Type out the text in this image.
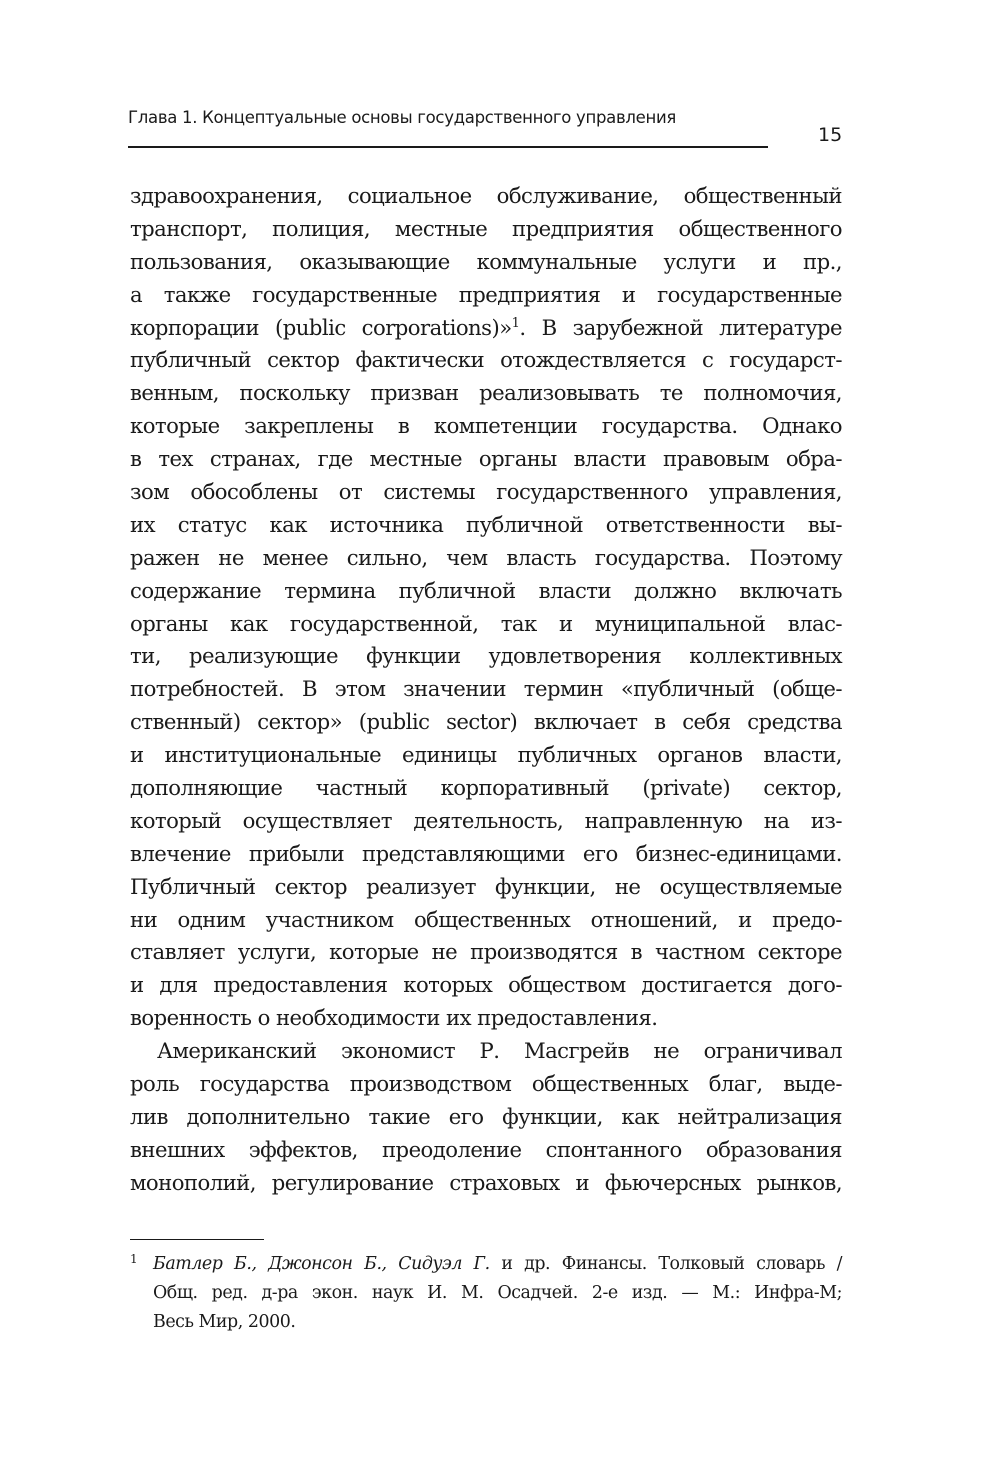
Глава 1. Концептуальные основы государственного управления
15
здравоохранения, социальное обслуживание, общественный
транспорт, полиция, местные предприятия общественного
пользования, оказывающие коммунальные услуги и пр.,
а также государственные предприятия и государственные
корпорации (public corporations)»$^1$. В зарубежной литературе
публичный сектор фактически отождествляется с государст-
венным, поскольку призван реализовывать те полномочия,
которые закреплены в компетенции государства. Однако
в тех странах, где местные органы власти правовым обра-
зом обособлены от системы государственного управления,
их статус как источника публичной ответственности вы-
ражен не менее сильно, чем власть государства. Поэтому
содержание термина публичной власти должно включать
органы как государственной, так и муниципальной влас-
ти, реализующие функции удовлетворения коллективных
потребностей. В этом значении термин «публичный (обще-
ственный) сектор» (public sector) включает в себя средства
и институциональные единицы публичных органов власти,
дополняющие частный корпоративный (private) сектор,
который осуществляет деятельность, направленную на из-
влечение прибыли представляющими его бизнес-единицами.
Публичный сектор реализует функции, не осуществляемые
ни одним участником общественных отношений, и предо-
ставляет услуги, которые не производятся в частном секторе
и для предоставления которых обществом достигается дого-
воренность о необходимости их предоставления.
Американский экономист Р. Масгрейв не ограничивал
роль государства производством общественных благ, выде-
лив дополнительно такие его функции, как нейтрализация
внешних эффектов, преодоление спонтанного образования
монополий, регулирование страховых и фьючерсных рынков,
1 Батлер Б., Джонсон Б., Сидуэл Г. и др. Финансы. Толковый словарь /
Общ. ред. д-ра экон. наук И. М. Осадчей. 2-е изд. — М.: Инфра-М;
Весь Мир, 2000.
